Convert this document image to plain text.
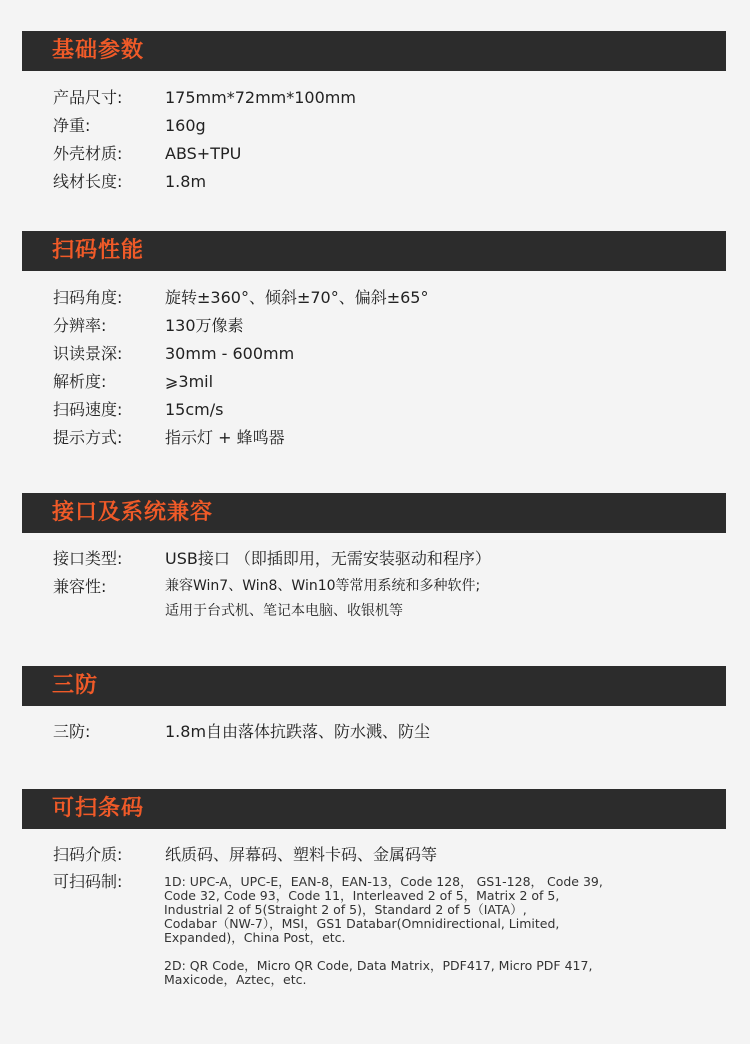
基础参数
产品尺寸:	175mm*72mm*100mm
净重:	160g
外壳材质:	ABS+TPU
线材长度:	1.8m
扫码性能
扫码角度:	旋转±360°、倾斜±70°、偏斜±65°
分辨率:	130万像素
识读景深:	30mm - 600mm
解析度:	⩾3mil
扫码速度:	15cm/s
提示方式:	指示灯 + 蜂鸣器
接口及系统兼容
接口类型:	USB接口 （即插即用，无需安装驱动和程序）
兼容性:	兼容Win7、Win8、Win10等常用系统和多种软件;
适用于台式机、笔记本电脑、收银机等
三防
三防:	1.8m自由落体抗跌落、防水溅、防尘
可扫条码
扫码介质:	纸质码、屏幕码、塑料卡码、金属码等
可扫码制:	1D: UPC-A，UPC-E，EAN-8，EAN-13，Code 128， GS1-128， Code 39,
Code 32, Code 93，Code 11，Interleaved 2 of 5，Matrix 2 of 5,
Industrial 2 of 5(Straight 2 of 5)，Standard 2 of 5（IATA）,
Codabar（NW-7），MSI，GS1 Databar(Omnidirectional, Limited,
Expanded)，China Post，etc.
2D: QR Code，Micro QR Code, Data Matrix，PDF417, Micro PDF 417,
Maxicode，Aztec，etc.
